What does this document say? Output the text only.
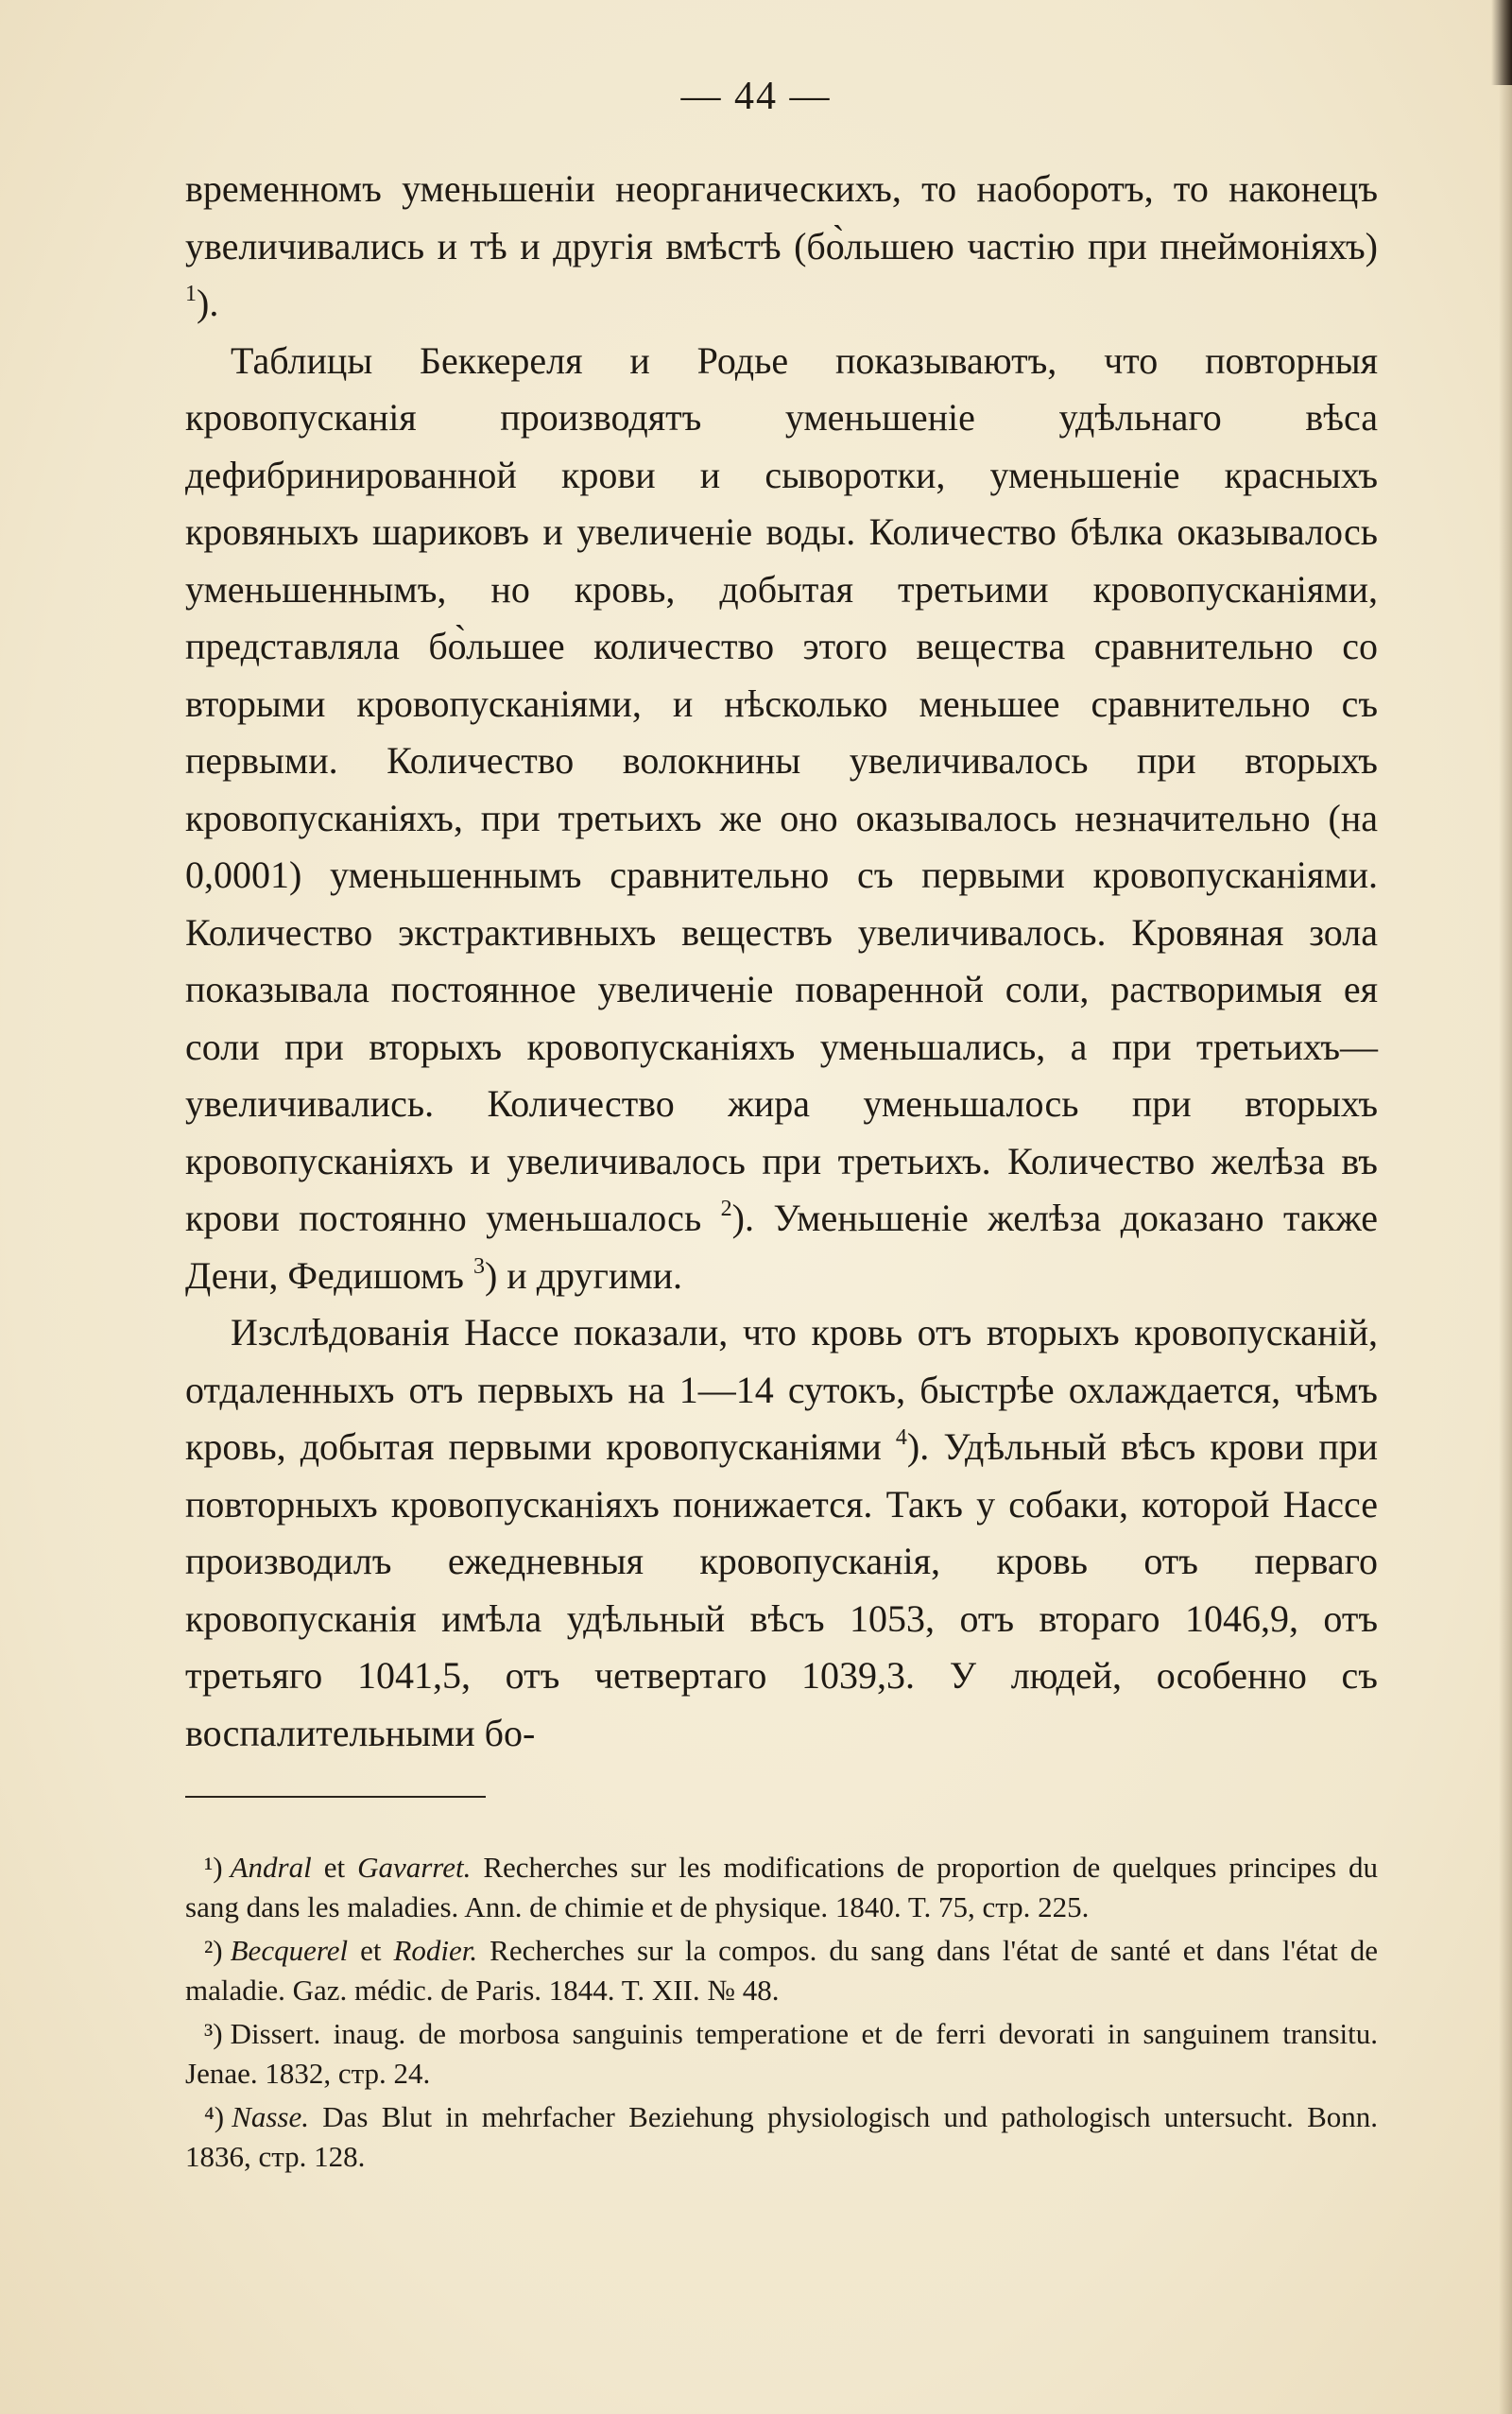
— 44 —

временномъ уменьшеніи неорганическихъ, то наоборотъ, то наконецъ увеличивались и тѣ и другія вмѣстѣ (бо̀льшею частію при пнеймоніяхъ) $^1$).

Таблицы Беккереля и Родье показываютъ, что повторныя кровопусканія производятъ уменьшеніе удѣльнаго вѣса дефибринированной крови и сыворотки, уменьшеніе красныхъ кровяныхъ шариковъ и увеличеніе воды. Количество бѣлка оказывалось уменьшеннымъ, но кровь, добытая третьими кровопусканіями, представляла бо̀льшее количество этого веществa сравнительно со вторыми кровопусканіями, и нѣсколько меньшее сравнительно съ первыми. Количество волокнины увеличивалось при вторыхъ кровопусканіяхъ, при третьихъ же оно оказывалось незначительно (на 0,0001) уменьшеннымъ сравнительно съ первыми кровопусканіями. Количество экстрактивныхъ веществъ увеличивалось. Кровяная зола показывала постоянное увеличеніе поваренной соли, растворимыя ея соли при вторыхъ кровопусканіяхъ уменьшались, а при третьихъ—увеличивались. Количество жира уменьшалось при вторыхъ кровопусканіяхъ и увеличивалось при третьихъ. Количество желѣза въ крови постоянно уменьшалось $^2$). Уменьшеніе желѣза доказано также Дени, Федишомъ $^3$) и другими.

Изслѣдованія Нассе показали, что кровь отъ вторыхъ кровопусканій, отдаленныхъ отъ первыхъ на 1—14 сутокъ, быстрѣе охлаждается, чѣмъ кровь, добытая первыми кровопусканіями $^4$). Удѣльный вѣсъ крови при повторныхъ кровопусканіяхъ понижается. Такъ у собаки, которой Нассе производилъ ежедневныя кровопусканія, кровь отъ перваго кровопусканія имѣла удѣльный вѣсъ 1053, отъ втораго 1046,9, отъ третьяго 1041,5, отъ четвертаго 1039,3. У людей, особенно съ воспалительными бо-

¹) Andral et Gavarret. Recherches sur les modifications de proportion de quelques principes du sang dans les maladies. Ann. de chimie et de physique. 1840. T. 75, стр. 225.

²) Becquerel et Rodier. Recherches sur la compos. du sang dans l'état de santé et dans l'état de maladie. Gaz. médic. de Paris. 1844. T. XII. № 48.

³) Dissert. inaug. de morbosa sanguinis temperatione et de ferri devorati in sanguinem transitu. Jenae. 1832, стр. 24.

⁴) Nasse. Das Blut in mehrfacher Beziehung physiologisch und pathologisch untersucht. Bonn. 1836, стр. 128.
